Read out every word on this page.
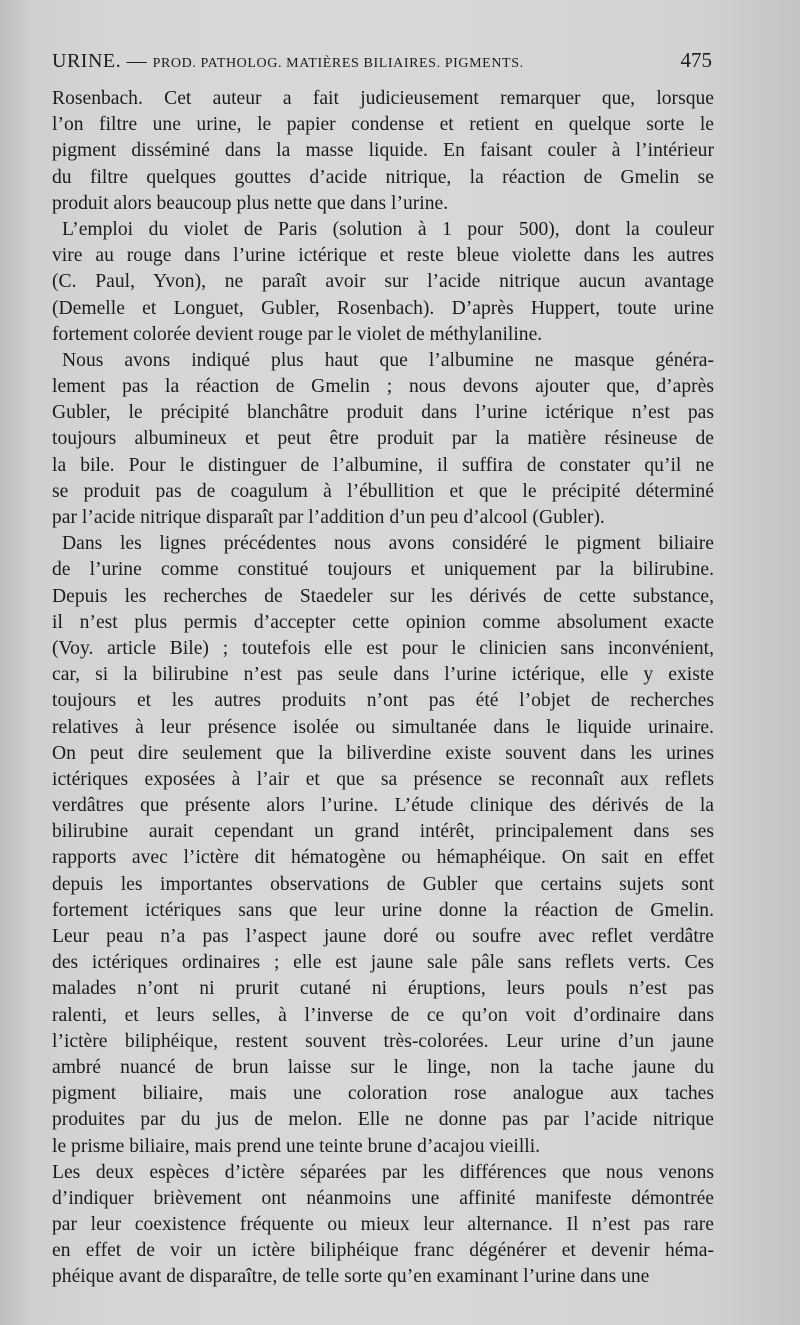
URINE. — PROD. PATHOLOG. MATIÈRES BILIAIRES. PIGMENTS.	475
Rosenbach. Cet auteur a fait judicieusement remarquer que, lorsque
l’on filtre une urine, le papier condense et retient en quelque sorte le
pigment disséminé dans la masse liquide. En faisant couler à l’intérieur
du filtre quelques gouttes d’acide nitrique, la réaction de Gmelin se
produit alors beaucoup plus nette que dans l’urine.
L’emploi du violet de Paris (solution à 1 pour 500), dont la couleur
vire au rouge dans l’urine ictérique et reste bleue violette dans les autres
(C. Paul, Yvon), ne paraît avoir sur l’acide nitrique aucun avantage
(Demelle et Longuet, Gubler, Rosenbach). D’après Huppert, toute urine
fortement colorée devient rouge par le violet de méthylaniline.
Nous avons indiqué plus haut que l’albumine ne masque généra-
lement pas la réaction de Gmelin ; nous devons ajouter que, d’après
Gubler, le précipité blanchâtre produit dans l’urine ictérique n’est pas
toujours albumineux et peut être produit par la matière résineuse de
la bile. Pour le distinguer de l’albumine, il suffira de constater qu’il ne
se produit pas de coagulum à l’ébullition et que le précipité déterminé
par l’acide nitrique disparaît par l’addition d’un peu d’alcool (Gubler).
Dans les lignes précédentes nous avons considéré le pigment biliaire
de l’urine comme constitué toujours et uniquement par la bilirubine.
Depuis les recherches de Staedeler sur les dérivés de cette substance,
il n’est plus permis d’accepter cette opinion comme absolument exacte
(Voy. article Bile) ; toutefois elle est pour le clinicien sans inconvénient,
car, si la bilirubine n’est pas seule dans l’urine ictérique, elle y existe
toujours et les autres produits n’ont pas été l’objet de recherches
relatives à leur présence isolée ou simultanée dans le liquide urinaire.
On peut dire seulement que la biliverdine existe souvent dans les urines
ictériques exposées à l’air et que sa présence se reconnaît aux reflets
verdâtres que présente alors l’urine. L’étude clinique des dérivés de la
bilirubine aurait cependant un grand intérêt, principalement dans ses
rapports avec l’ictère dit hématogène ou hémaphéique. On sait en effet
depuis les importantes observations de Gubler que certains sujets sont
fortement ictériques sans que leur urine donne la réaction de Gmelin.
Leur peau n’a pas l’aspect jaune doré ou soufre avec reflet verdâtre
des ictériques ordinaires ; elle est jaune sale pâle sans reflets verts. Ces
malades n’ont ni prurit cutané ni éruptions, leurs pouls n’est pas
ralenti, et leurs selles, à l’inverse de ce qu’on voit d’ordinaire dans
l’ictère biliphéique, restent souvent très-colorées. Leur urine d’un jaune
ambré nuancé de brun laisse sur le linge, non la tache jaune du
pigment biliaire, mais une coloration rose analogue aux taches
produites par du jus de melon. Elle ne donne pas par l’acide nitrique
le prisme biliaire, mais prend une teinte brune d’acajou vieilli.
Les deux espèces d’ictère séparées par les différences que nous venons
d’indiquer brièvement ont néanmoins une affinité manifeste démontrée
par leur coexistence fréquente ou mieux leur alternance. Il n’est pas rare
en effet de voir un ictère biliphéique franc dégénérer et devenir héma-
phéique avant de disparaître, de telle sorte qu’en examinant l’urine dans une
